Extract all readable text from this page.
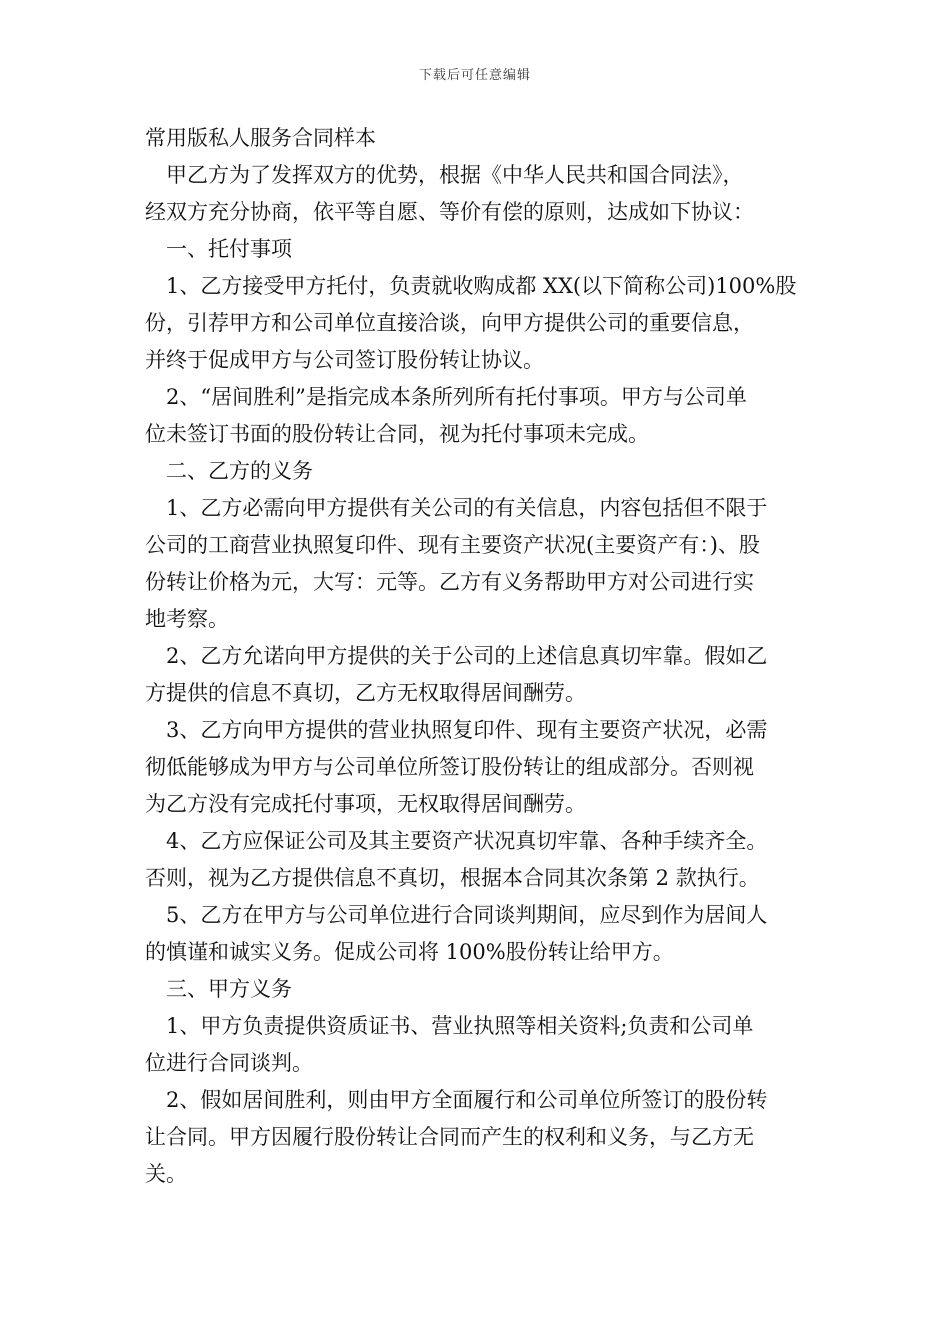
下载后可任意编辑
常用版私人服务合同样本
　甲乙方为了发挥双方的优势，根据《中华人民共和国合同法》，
经双方充分协商，依平等自愿、等价有偿的原则，达成如下协议：
　一、托付事项
　1、乙方接受甲方托付，负责就收购成都 XX(以下简称公司)100%股
份，引荐甲方和公司单位直接洽谈，向甲方提供公司的重要信息，
并终于促成甲方与公司签订股份转让协议。
　2、“居间胜利”是指完成本条所列所有托付事项。甲方与公司单
位未签订书面的股份转让合同，视为托付事项未完成。
　二、乙方的义务
　1、乙方必需向甲方提供有关公司的有关信息，内容包括但不限于
公司的工商营业执照复印件、现有主要资产状况(主要资产有：)、股
份转让价格为元，大写：元等。乙方有义务帮助甲方对公司进行实
地考察。
　2、乙方允诺向甲方提供的关于公司的上述信息真切牢靠。假如乙
方提供的信息不真切，乙方无权取得居间酬劳。
　3、乙方向甲方提供的营业执照复印件、现有主要资产状况，必需
彻低能够成为甲方与公司单位所签订股份转让的组成部分。否则视
为乙方没有完成托付事项，无权取得居间酬劳。
　4、乙方应保证公司及其主要资产状况真切牢靠、各种手续齐全。
否则，视为乙方提供信息不真切，根据本合同其次条第 2 款执行。
　5、乙方在甲方与公司单位进行合同谈判期间，应尽到作为居间人
的慎谨和诚实义务。促成公司将 100%股份转让给甲方。
　三、甲方义务
　1、甲方负责提供资质证书、营业执照等相关资料;负责和公司单
位进行合同谈判。
　2、假如居间胜利，则由甲方全面履行和公司单位所签订的股份转
让合同。甲方因履行股份转让合同而产生的权利和义务，与乙方无
关。
